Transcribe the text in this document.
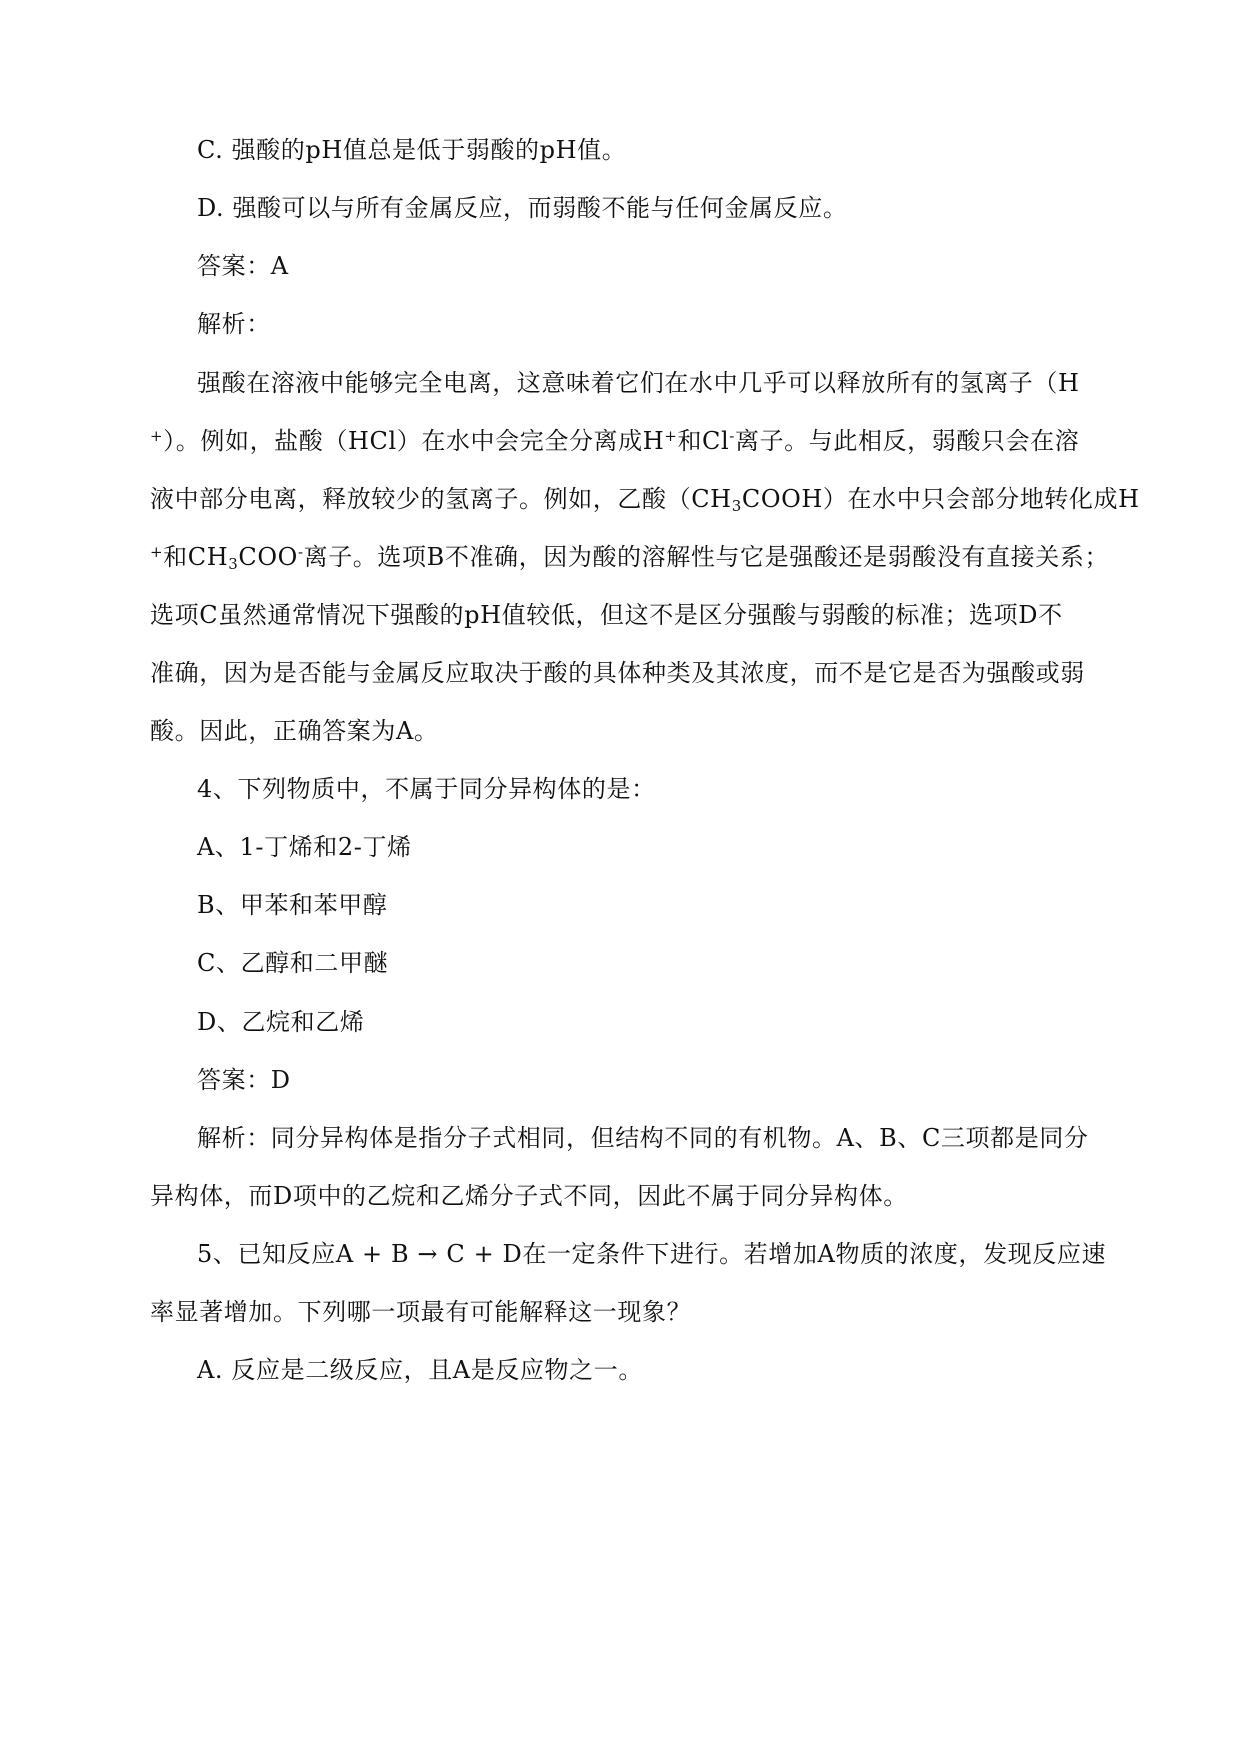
C. 强酸的pH值总是低于弱酸的pH值。
D. 强酸可以与所有金属反应，而弱酸不能与任何金属反应。
答案：A
解析：
强酸在溶液中能够完全电离，这意味着它们在水中几乎可以释放所有的氢离子（H
+）。例如，盐酸（HCl）在水中会完全分离成H+和Cl-离子。与此相反，弱酸只会在溶
液中部分电离，释放较少的氢离子。例如，乙酸$(CH_3COOH)$在水中只会部分地转化成H
+和$CH_3COO^-$离子。选项B不准确，因为酸的溶解性与它是强酸还是弱酸没有直接关系；
选项C虽然通常情况下强酸的pH值较低，但这不是区分强酸与弱酸的标准；选项D不
准确，因为是否能与金属反应取决于酸的具体种类及其浓度，而不是它是否为强酸或弱
酸。因此，正确答案为A。
4、下列物质中，不属于同分异构体的是：
A、1-丁烯和2-丁烯
B、甲苯和苯甲醇
C、乙醇和二甲醚
D、乙烷和乙烯
答案：D
解析：同分异构体是指分子式相同，但结构不同的有机物。A、B、C三项都是同分
异构体，而D项中的乙烷和乙烯分子式不同，因此不属于同分异构体。
5、已知反应A + B → C + D在一定条件下进行。若增加A物质的浓度，发现反应速
率显著增加。下列哪一项最有可能解释这一现象？
A. 反应是二级反应，且A是反应物之一。
